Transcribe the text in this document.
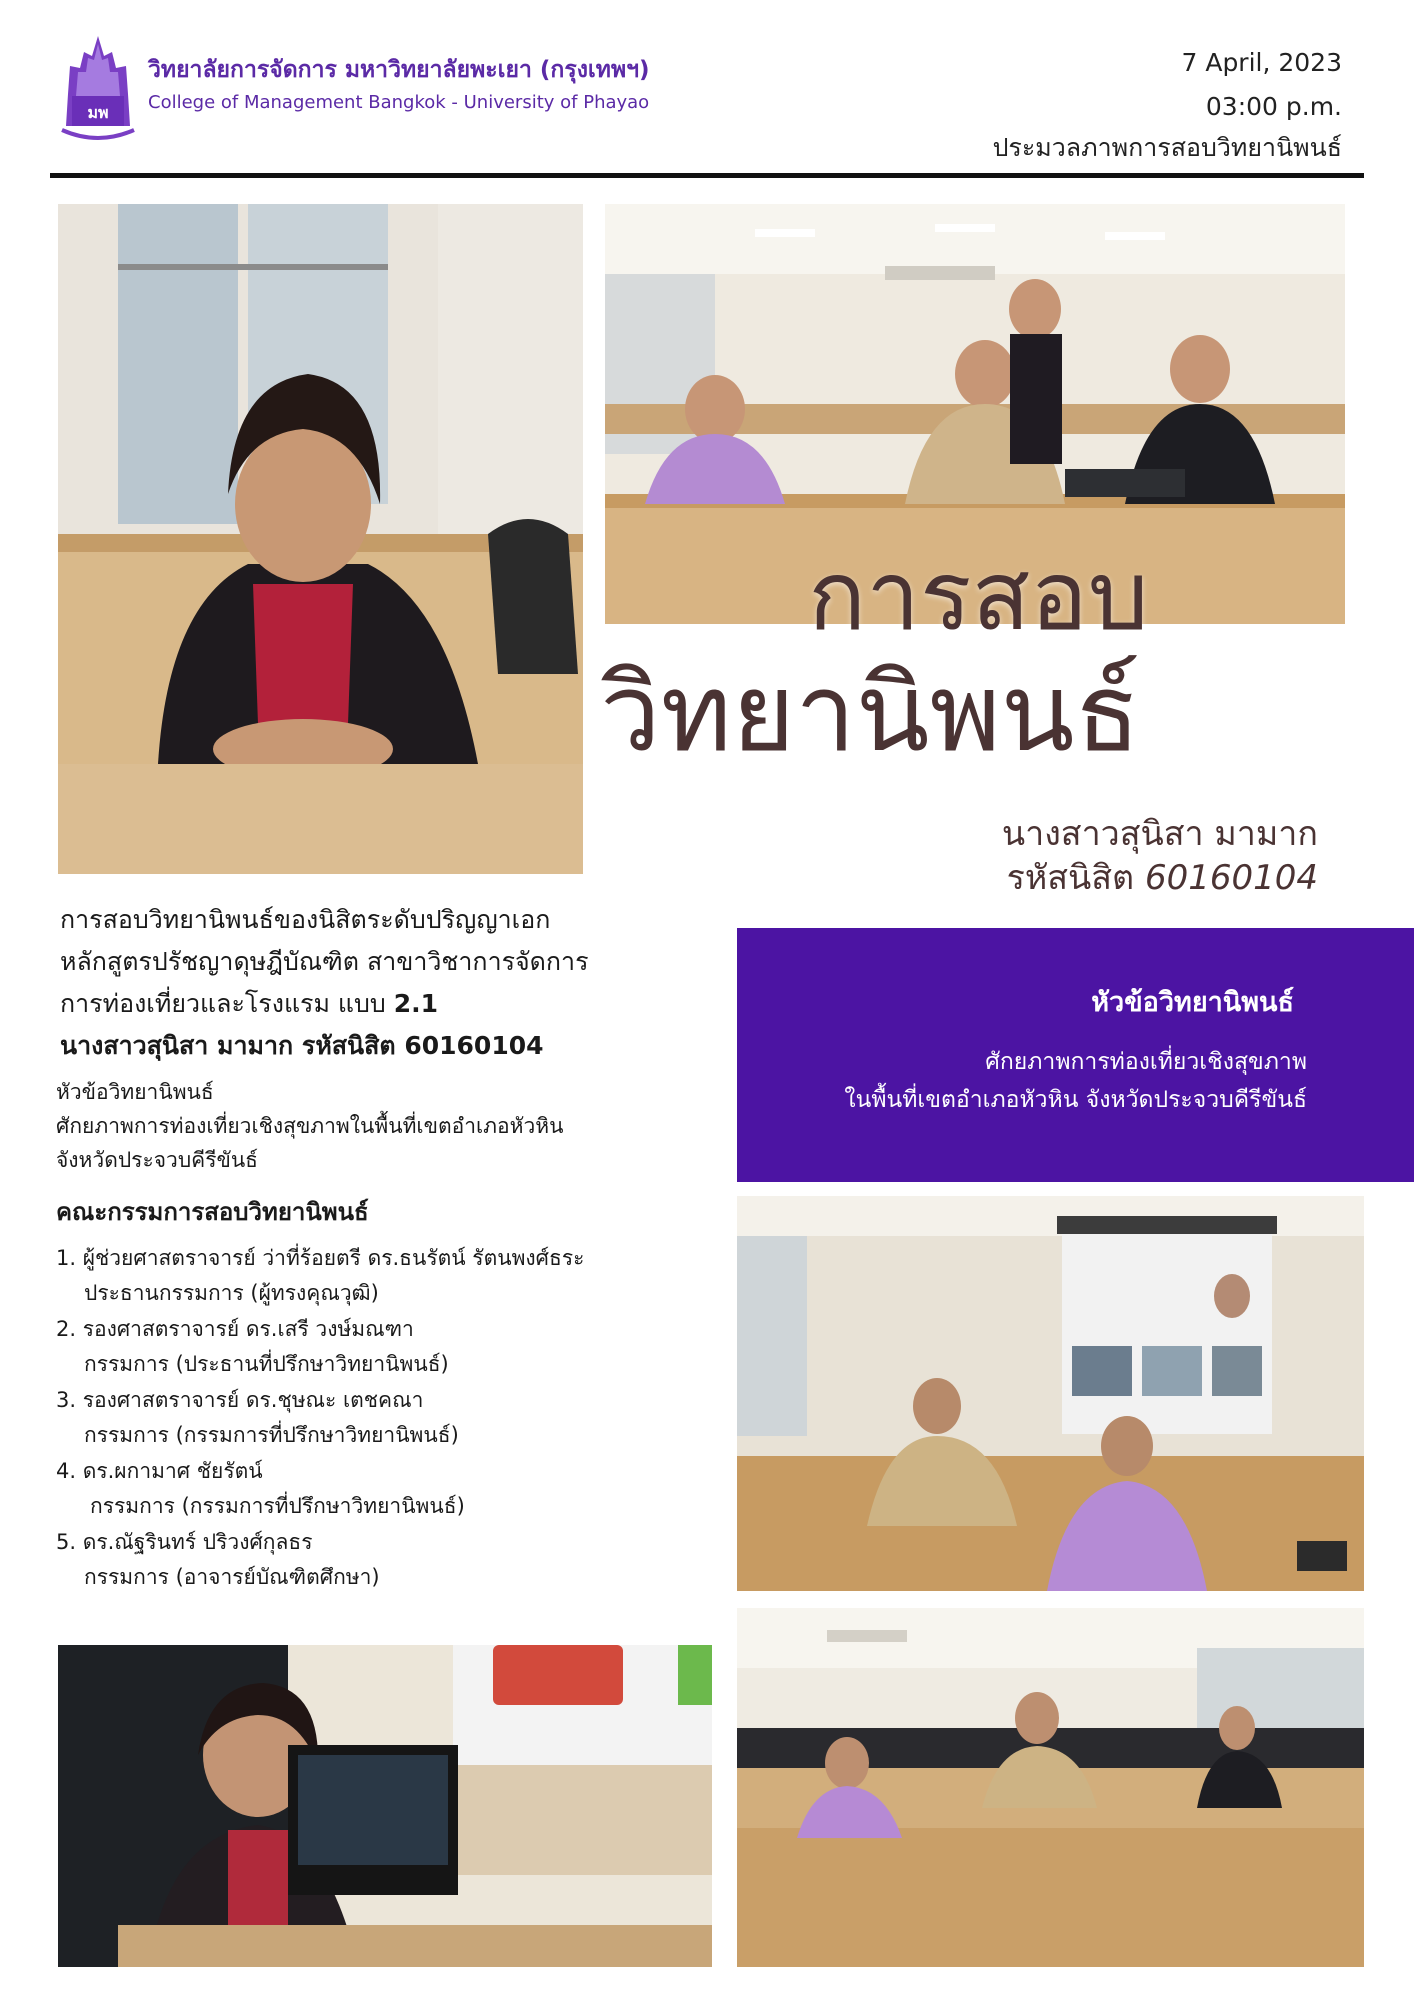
มพ
วิทยาลัยการจัดการ มหาวิทยาลัยพะเยา (กรุงเทพฯ)
College of Management Bangkok - University of Phayao
7 April, 2023
03:00 p.m.
ประมวลภาพการสอบวิทยานิพนธ์
การสอบ
วิทยานิพนธ์
นางสาวสุนิสา มามาก
รหัสนิสิต 60160104
การสอบวิทยานิพนธ์ของนิสิตระดับปริญญาเอก
หลักสูตรปรัชญาดุษฎีบัณฑิต สาขาวิชาการจัดการ
การท่องเที่ยวและโรงแรม แบบ 2.1
นางสาวสุนิสา มามาก รหัสนิสิต 60160104
หัวข้อวิทยานิพนธ์
ศักยภาพการท่องเที่ยวเชิงสุขภาพในพื้นที่เขตอำเภอหัวหิน
จังหวัดประจวบคีรีขันธ์
คณะกรรมการสอบวิทยานิพนธ์
1. ผู้ช่วยศาสตราจารย์ ว่าที่ร้อยตรี ดร.ธนรัตน์ รัตนพงศ์ธระ
ประธานกรรมการ (ผู้ทรงคุณวุฒิ)
2. รองศาสตราจารย์ ดร.เสรี วงษ์มณฑา
กรรมการ (ประธานที่ปรึกษาวิทยานิพนธ์)
3. รองศาสตราจารย์ ดร.ชุษณะ เตชคณา
กรรมการ (กรรมการที่ปรึกษาวิทยานิพนธ์)
4. ดร.ผกามาศ ชัยรัตน์
กรรมการ (กรรมการที่ปรึกษาวิทยานิพนธ์)
5. ดร.ณัฐรินทร์ ปริวงศ์กุลธร
กรรมการ (อาจารย์บัณฑิตศึกษา)
หัวข้อวิทยานิพนธ์
ศักยภาพการท่องเที่ยวเชิงสุขภาพ
ในพื้นที่เขตอำเภอหัวหิน จังหวัดประจวบคีรีขันธ์
